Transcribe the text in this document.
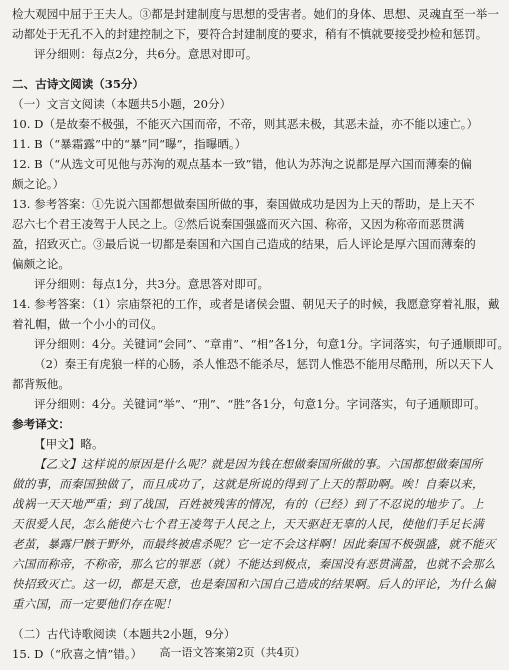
检大观园中屈于王夫人。③都是封建制度与思想的受害者。她们的身体、思想、灵魂直至一举一

动都处于无孔不入的封建控制之下，要符合封建制度的要求，稍有不慎就要接受抄检和惩罚。

评分细则：每点2分，共6分。意思对即可。

二、古诗文阅读（35分）

（一）文言文阅读（本题共5小题，20分）

10. D（是故秦不极强，不能灭六国而帝，不帝，则其恶未极，其恶未益，亦不能以速亡。）

11. B（“暴霜露”中的“暴”同“曝”，指曝晒。）

12. B（“从选文可见他与苏洵的观点基本一致”错，他认为苏洵之说都是厚六国而薄秦的偏

颇之论。）

13. 参考答案：①先说六国都想做秦国所做的事，秦国做成功是因为上天的帮助，是上天不

忍六七个君王凌驾于人民之上。②然后说秦国强盛而灭六国、称帝，又因为称帝而恶贯满

盈，招致灭亡。③最后说一切都是秦国和六国自己造成的结果，后人评论是厚六国而薄秦的

偏颇之论。

评分细则：每点1分，共3分。意思答对即可。

14. 参考答案：（1）宗庙祭祀的工作，或者是诸侯会盟、朝见天子的时候，我愿意穿着礼服，戴

着礼帽，做一个小小的司仪。

评分细则：4分。关键词“会同”、“章甫”、“相”各1分，句意1分。字词落实，句子通顺即可。

（2）秦王有虎狼一样的心肠，杀人惟恐不能杀尽，惩罚人惟恐不能用尽酷刑，所以天下人

都背叛他。

评分细则：4分。关键词“举”、“刑”、“胜”各1分，句意1分。字词落实，句子通顺即可。

参考译文：

【甲文】略。

【乙文】这样说的原因是什么呢？就是因为钱在想做秦国所做的事。六国都想做秦国所

做的事，而秦国独做了，而且成功了，这就是所说的得到了上天的帮助啊。唉！自秦以来，

战祸一天天地严重；到了战国，百姓被残害的情况，有的（已经）到了不忍说的地步了。上

天很爱人民，怎么能使六七个君王凌驾于人民之上，天天驱赶无辜的人民，使他们手足长满

老茧，暴露尸骸于野外，而最终被虐杀呢？它一定不会这样啊！因此秦国不极强盛，就不能灭

六国而称帝，不称帝，那么它的罪恶（就）不能达到极点，秦国没有恶贯满盈，也就不会那么

快招致灭亡。这一切，都是天意，也是秦国和六国自己造成的结果啊。后人的评论，为什么偏

重六国，而一定要他们存在呢！

（二）古代诗歌阅读（本题共2小题，9分）

15. D（“欣喜之情”错。）	高一语文答案第2页（共4页）
